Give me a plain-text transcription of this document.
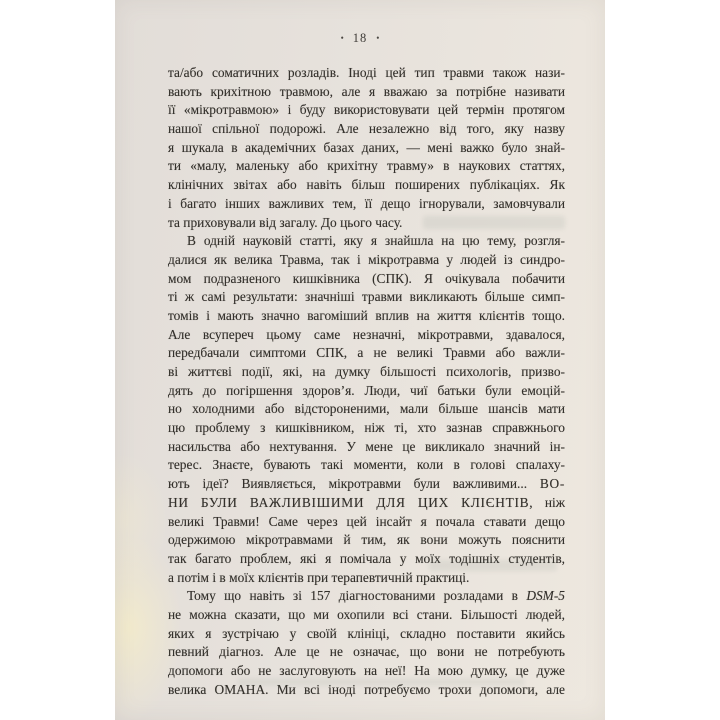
• 18 •
та/або соматичних розладів. Іноді цей тип травми також нази-
вають крихітною травмою, але я вважаю за потрібне називати
її «мікротравмою» і буду використовувати цей термін протягом
нашої спільної подорожі. Але незалежно від того, яку назву
я шукала в академічних базах даних, — мені важко було знай-
ти «малу, маленьку або крихітну травму» в наукових статтях,
клінічних звітах або навіть більш поширених публікаціях. Як
і багато інших важливих тем, її дещо ігнорували, замовчували
та приховували від загалу. До цього часу.
В одній науковій статті, яку я знайшла на цю тему, розгля-
далися як велика Травма, так і мікротравма у людей із синдро-
мом подразненого кишківника (СПК). Я очікувала побачити
ті ж самі результати: значніші травми викликають більше симп-
томів і мають значно вагоміший вплив на життя клієнтів тощо.
Але всупереч цьому саме незначні, мікротравми, здавалося,
передбачали симптоми СПК, а не великі Травми або важли-
ві життєві події, які, на думку більшості психологів, призво-
дять до погіршення здоров’я. Люди, чиї батьки були емоцій-
но холодними або відстороненими, мали більше шансів мати
цю проблему з кишківником, ніж ті, хто зазнав справжнього
насильства або нехтування. У мене це викликало значний ін-
терес. Знаєте, бувають такі моменти, коли в голові спалаху-
ють ідеї? Виявляється, мікротравми були важливими... ВО-
НИ БУЛИ ВАЖЛИВІШИМИ ДЛЯ ЦИХ КЛІЄНТІВ, ніж
великі Травми! Саме через цей інсайт я почала ставати дещо
одержимою мікротравмами й тим, як вони можуть пояснити
так багато проблем, які я помічала у моїх тодішніх студентів,
а потім і в моїх клієнтів при терапевтичній практиці.
Тому що навіть зі 157 діагностованими розладами в DSM-5
не можна сказати, що ми охопили всі стани. Більшості людей,
яких я зустрічаю у своїй клініці, складно поставити якийсь
певний діагноз. Але це не означає, що вони не потребують
допомоги або не заслуговують на неї! На мою думку, це дуже
велика ОМАНА. Ми всі іноді потребуємо трохи допомоги, але
